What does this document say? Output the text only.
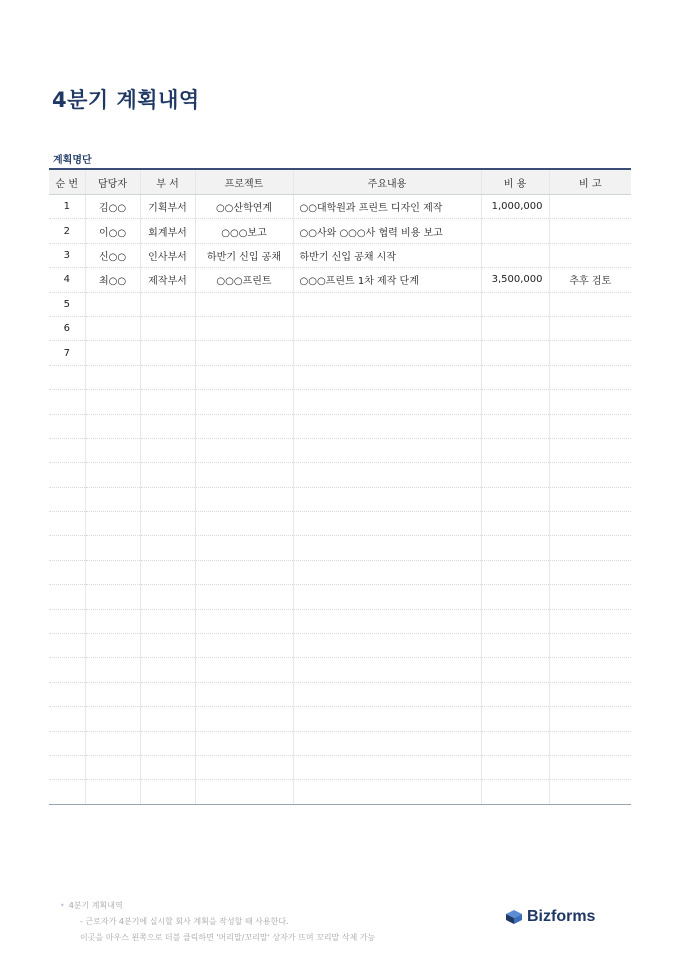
4분기 계획내역
계획명단
순 번	담당자	부 서	프로젝트	주요내용	비 용	비 고
1	김○○	기획부서	○○산학연계	○○대학원과 프린트 디자인 제작	1,000,000	
2	이○○	회계부서	○○○보고	○○사와 ○○○사 협력 비용 보고		
3	신○○	인사부서	하반기 신입 공채	하반기 신입 공채 시작		
4	최○○	제작부서	○○○프린트	○○○프린트 1차 제작 단계	3,500,000	추후 검토
5						
6						
7						

• 4분기 계획내역
- 근로자가 4분기에 실시할 회사 계획을 작성할 때 사용한다.
이곳을 마우스 왼쪽으로 더블 클릭하면 '머리말/꼬리말' 상자가 뜨며 꼬리말 삭제 가능
Bizforms
